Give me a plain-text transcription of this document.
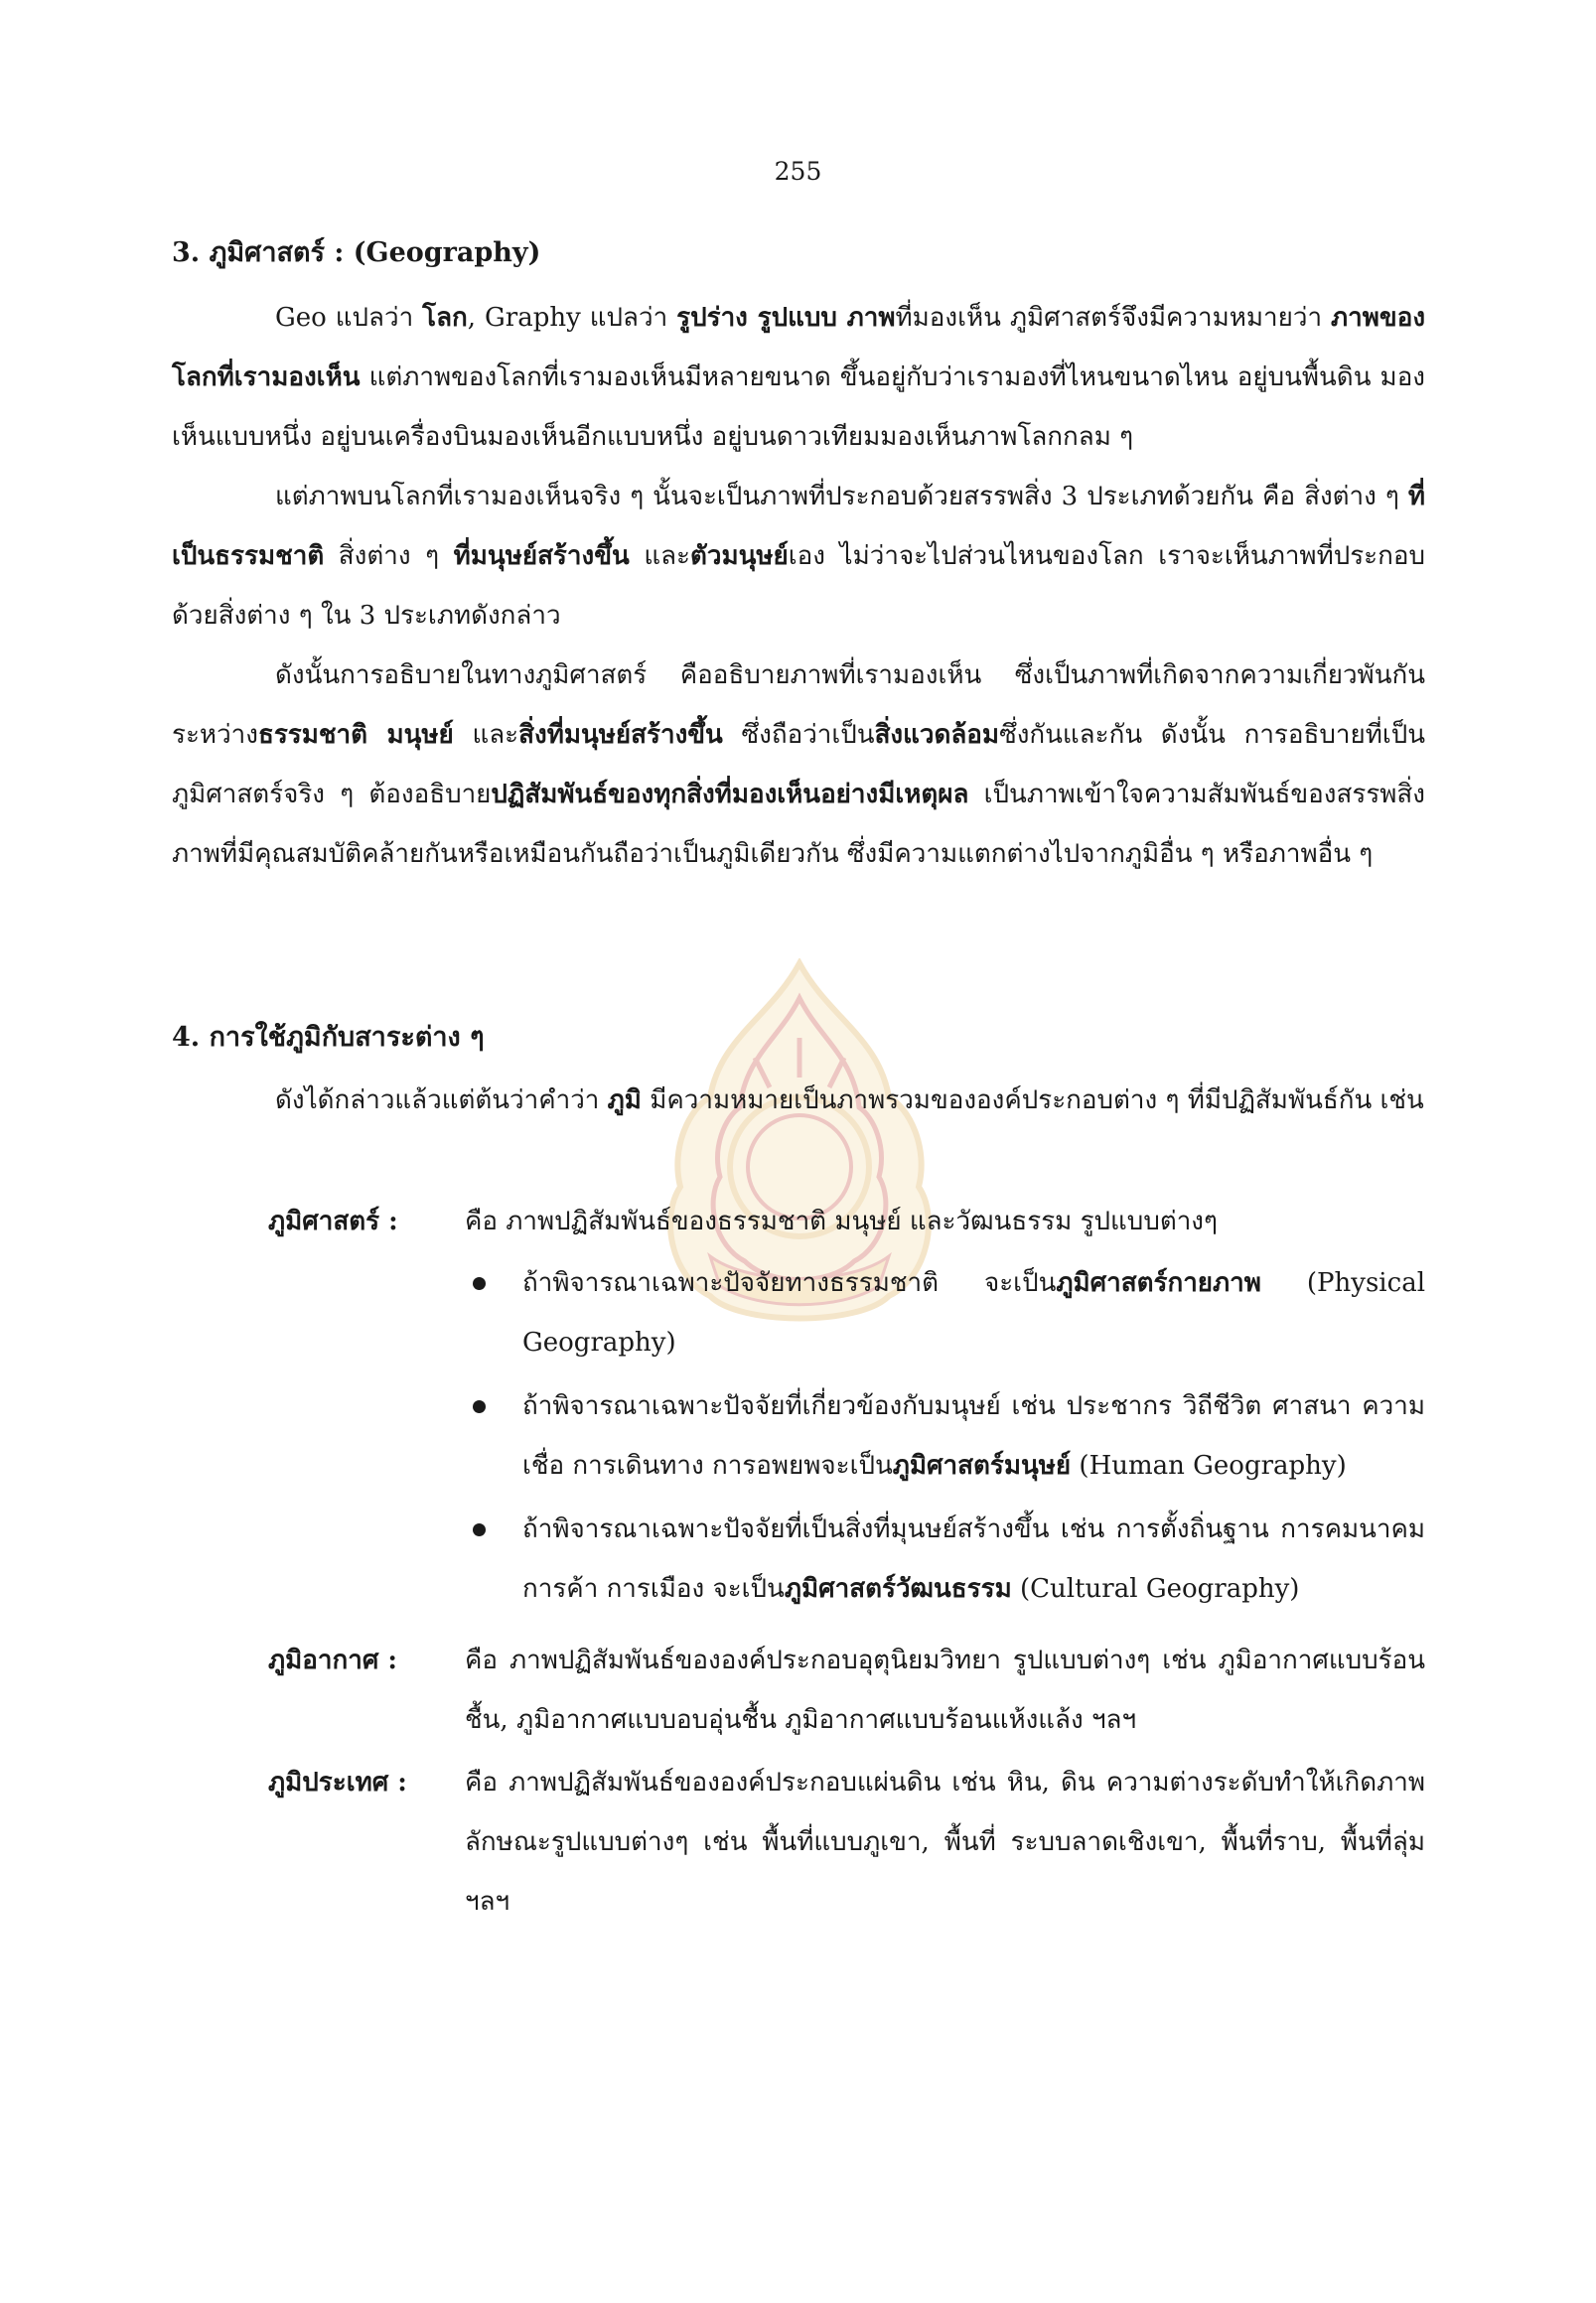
255
3. ภูมิศาสตร์ : (Geography)
Geo แปลว่า โลก, Graphy แปลว่า รูปร่าง รูปแบบ ภาพที่มองเห็น ภูมิศาสตร์จึงมีความหมายว่า ภาพของโลกที่เรามองเห็น แต่ภาพของโลกที่เรามองเห็นมีหลายขนาด ขึ้นอยู่กับว่าเรามองที่ไหนขนาดไหน อยู่บนพื้นดิน มองเห็นแบบหนึ่ง อยู่บนเครื่องบินมองเห็นอีกแบบหนึ่ง อยู่บนดาวเทียมมองเห็นภาพโลกกลม ๆ
แต่ภาพบนโลกที่เรามองเห็นจริง ๆ นั้นจะเป็นภาพที่ประกอบด้วยสรรพสิ่ง 3 ประเภทด้วยกัน คือ สิ่งต่าง ๆ ที่เป็นธรรมชาติ สิ่งต่าง ๆ ที่มนุษย์สร้างขึ้น และตัวมนุษย์เอง ไม่ว่าจะไปส่วนไหนของโลก เราจะเห็นภาพที่ประกอบด้วยสิ่งต่าง ๆ ใน 3 ประเภทดังกล่าว
ดังนั้นการอธิบายในทางภูมิศาสตร์ คืออธิบายภาพที่เรามองเห็น ซึ่งเป็นภาพที่เกิดจากความเกี่ยวพันกันระหว่างธรรมชาติ มนุษย์ และสิ่งที่มนุษย์สร้างขึ้น ซึ่งถือว่าเป็นสิ่งแวดล้อมซึ่งกันและกัน ดังนั้น การอธิบายที่เป็นภูมิศาสตร์จริง ๆ ต้องอธิบายปฏิสัมพันธ์ของทุกสิ่งที่มองเห็นอย่างมีเหตุผล เป็นภาพเข้าใจความสัมพันธ์ของสรรพสิ่ง ภาพที่มีคุณสมบัติคล้ายกันหรือเหมือนกันถือว่าเป็นภูมิเดียวกัน ซึ่งมีความแตกต่างไปจากภูมิอื่น ๆ หรือภาพอื่น ๆ
4. การใช้ภูมิกับสาระต่าง ๆ
ดังได้กล่าวแล้วแต่ต้นว่าคำว่า ภูมิ มีความหมายเป็นภาพรวมขององค์ประกอบต่าง ๆ ที่มีปฏิสัมพันธ์กัน เช่น
ภูมิศาสตร์ :	คือ ภาพปฏิสัมพันธ์ของธรรมชาติ มนุษย์ และวัฒนธรรม รูปแบบต่างๆ
ถ้าพิจารณาเฉพาะปัจจัยทางธรรมชาติ จะเป็นภูมิศาสตร์กายภาพ (Physical Geography)
ถ้าพิจารณาเฉพาะปัจจัยที่เกี่ยวข้องกับมนุษย์ เช่น ประชากร วิถีชีวิต ศาสนา ความเชื่อ การเดินทาง การอพยพจะเป็นภูมิศาสตร์มนุษย์ (Human Geography)
ถ้าพิจารณาเฉพาะปัจจัยที่เป็นสิ่งที่มุนษย์สร้างขึ้น เช่น การตั้งถิ่นฐาน การคมนาคม การค้า การเมือง จะเป็นภูมิศาสตร์วัฒนธรรม (Cultural Geography)
ภูมิอากาศ :	คือ ภาพปฏิสัมพันธ์ขององค์ประกอบอุตุนิยมวิทยา รูปแบบต่างๆ เช่น ภูมิอากาศแบบร้อนชื้น, ภูมิอากาศแบบอบอุ่นชื้น ภูมิอากาศแบบร้อนแห้งแล้ง ฯลฯ
ภูมิประเทศ :	คือ ภาพปฏิสัมพันธ์ขององค์ประกอบแผ่นดิน เช่น หิน, ดิน ความต่างระดับทำให้เกิดภาพลักษณะรูปแบบต่างๆ เช่น พื้นที่แบบภูเขา, พื้นที่ ระบบลาดเชิงเขา, พื้นที่ราบ, พื้นที่ลุ่ม ฯลฯ
